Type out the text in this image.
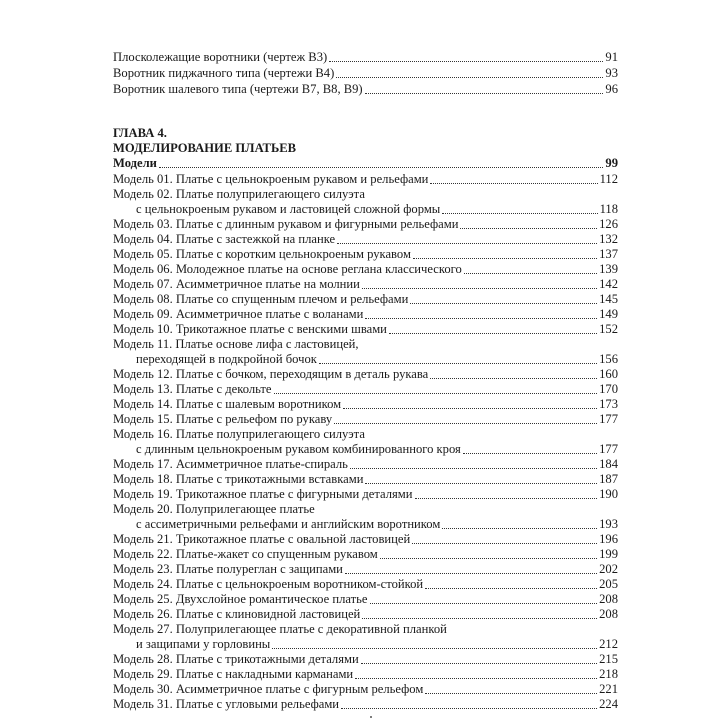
Плосколежащие воротники (чертеж В3)	91
Воротник пиджачного типа (чертежи В4)	93
Воротник шалевого типа (чертежи В7, В8, В9)	96
ГЛАВА 4.
МОДЕЛИРОВАНИЕ ПЛАТЬЕВ
Модели	99
Модель 01. Платье с цельнокроеным рукавом и рельефами	112
Модель 02. Платье полуприлегающего силуэта
с цельнокроеным рукавом и ластовицей сложной формы	118
Модель 03. Платье с длинным рукавом и фигурными рельефами	126
Модель 04. Платье с застежкой на планке	132
Модель 05. Платье с коротким цельнокроеным рукавом	137
Модель 06. Молодежное платье на основе реглана классического	139
Модель 07. Асимметричное платье на молнии	142
Модель 08. Платье со спущенным плечом и рельефами	145
Модель 09. Асимметричное платье с воланами	149
Модель 10. Трикотажное платье с венскими швами	152
Модель 11. Платье основе лифа с ластовицей,
переходящей в подкройной бочок	156
Модель 12. Платье с бочком, переходящим в деталь рукава	160
Модель 13. Платье с декольте	170
Модель 14. Платье с шалевым воротником	173
Модель 15. Платье с рельефом по рукаву	177
Модель 16. Платье полуприлегающего силуэта
с длинным цельнокроеным рукавом комбинированного кроя	177
Модель 17. Асимметричное платье-спираль	184
Модель 18. Платье с трикотажными вставками	187
Модель 19. Трикотажное платье с фигурными деталями	190
Модель 20. Полуприлегающее платье
с ассиметричными рельефами и английским воротником	193
Модель 21. Трикотажное платье с овальной ластовицей	196
Модель 22. Платье-жакет со спущенным рукавом	199
Модель 23. Платье полуреглан с защипами	202
Модель 24. Платье с цельнокроеным воротником-стойкой	205
Модель 25. Двухслойное романтическое платье	208
Модель 26. Платье с клиновидной ластовицей	208
Модель 27. Полуприлегающее платье с декоративной планкой
и защипами у горловины	212
Модель 28. Платье с трикотажными деталями	215
Модель 29. Платье с накладными карманами	218
Модель 30. Асимметричное платье с фигурным рельефом	221
Модель 31. Платье с угловыми рельефами	224
